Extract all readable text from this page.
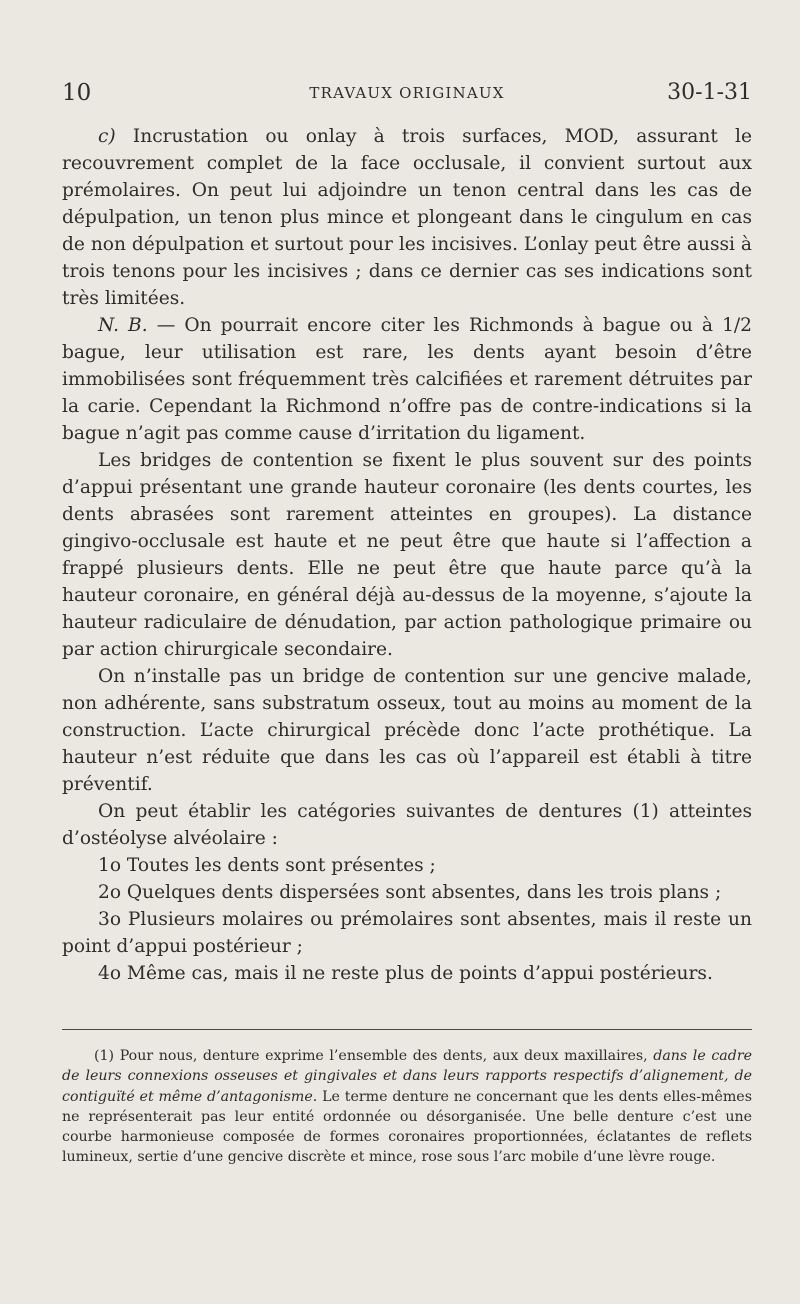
10	TRAVAUX ORIGINAUX	30-1-31

c) Incrustation ou onlay à trois surfaces, MOD, assurant le recouvrement complet de la face occlusale, il convient surtout aux prémolaires. On peut lui adjoindre un tenon central dans les cas de dépulpation, un tenon plus mince et plongeant dans le cingulum en cas de non dépulpation et surtout pour les incisives. L’onlay peut être aussi à trois tenons pour les incisives ; dans ce dernier cas ses indications sont très limitées.

N. B. — On pourrait encore citer les Richmonds à bague ou à 1/2 bague, leur utilisation est rare, les dents ayant besoin d’être immobilisées sont fréquemment très calcifiées et rarement détruites par la carie. Cependant la Richmond n’offre pas de contre-indications si la bague n’agit pas comme cause d’irritation du ligament.

Les bridges de contention se fixent le plus souvent sur des points d’appui présentant une grande hauteur coronaire (les dents courtes, les dents abrasées sont rarement atteintes en groupes). La distance gingivo-occlusale est haute et ne peut être que haute si l’affection a frappé plusieurs dents. Elle ne peut être que haute parce qu’à la hauteur coronaire, en général déjà au-dessus de la moyenne, s’ajoute la hauteur radiculaire de dénudation, par action pathologique primaire ou par action chirurgicale secondaire.

On n’installe pas un bridge de contention sur une gencive malade, non adhérente, sans substratum osseux, tout au moins au moment de la construction. L’acte chirurgical précède donc l’acte prothétique. La hauteur n’est réduite que dans les cas où l’appareil est établi à titre préventif.

On peut établir les catégories suivantes de dentures (1) atteintes d’ostéolyse alvéolaire :

1o Toutes les dents sont présentes ;

2o Quelques dents dispersées sont absentes, dans les trois plans ;

3o Plusieurs molaires ou prémolaires sont absentes, mais il reste un point d’appui postérieur ;

4o Même cas, mais il ne reste plus de points d’appui postérieurs.

(1) Pour nous, denture exprime l’ensemble des dents, aux deux maxillaires, dans le cadre de leurs connexions osseuses et gingivales et dans leurs rapports respectifs d’alignement, de contiguïté et même d’antagonisme. Le terme denture ne concernant que les dents elles-mêmes ne représenterait pas leur entité ordonnée ou désorganisée. Une belle denture c’est une courbe harmonieuse composée de formes coronaires proportionnées, éclatantes de reflets lumineux, sertie d’une gencive discrète et mince, rose sous l’arc mobile d’une lèvre rouge.
